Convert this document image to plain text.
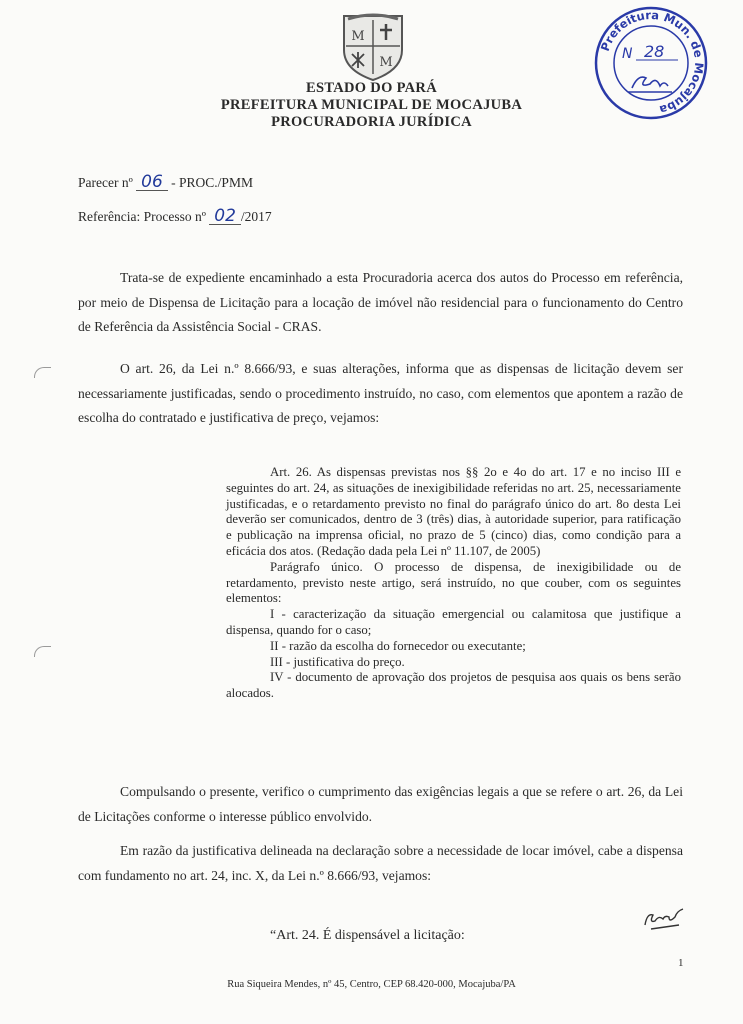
M
M
ESTADO DO PARÁ
PREFEITURA MUNICIPAL DE MOCAJUBA
PROCURADORIA JURÍDICA
Prefeitura Mun. de Mocajuba
N 28
Parecer nº 06 - PROC./PMM
Referência: Processo nº 02 /2017
Trata-se de expediente encaminhado a esta Procuradoria acerca dos autos do Processo em referência, por meio de Dispensa de Licitação para a locação de imóvel não residencial para o funcionamento do Centro de Referência da Assistência Social - CRAS.
O art. 26, da Lei n.º 8.666/93, e suas alterações, informa que as dispensas de licitação devem ser necessariamente justificadas, sendo o procedimento instruído, no caso, com elementos que apontem a razão de escolha do contratado e justificativa de preço, vejamos:

Art. 26. As dispensas previstas nos §§ 2o e 4o do art. 17 e no inciso III e seguintes do art. 24, as situações de inexigibilidade referidas no art. 25, necessariamente justificadas, e o retardamento previsto no final do parágrafo único do art. 8o desta Lei deverão ser comunicados, dentro de 3 (três) dias, à autoridade superior, para ratificação e publicação na imprensa oficial, no prazo de 5 (cinco) dias, como condição para a eficácia dos atos. (Redação dada pela Lei nº 11.107, de 2005)

Parágrafo único. O processo de dispensa, de inexigibilidade ou de retardamento, previsto neste artigo, será instruído, no que couber, com os seguintes elementos:

I - caracterização da situação emergencial ou calamitosa que justifique a dispensa, quando for o caso;

II - razão da escolha do fornecedor ou executante;

III - justificativa do preço.

IV - documento de aprovação dos projetos de pesquisa aos quais os bens serão alocados.

Compulsando o presente, verifico o cumprimento das exigências legais a que se refere o art. 26, da Lei de Licitações conforme o interesse público envolvido.
Em razão da justificativa delineada na declaração sobre a necessidade de locar imóvel, cabe a dispensa com fundamento no art. 24, inc. X, da Lei n.º 8.666/93, vejamos:
“Art. 24. É dispensável a licitação:
1
Rua Siqueira Mendes, nº 45, Centro, CEP 68.420-000, Mocajuba/PA
